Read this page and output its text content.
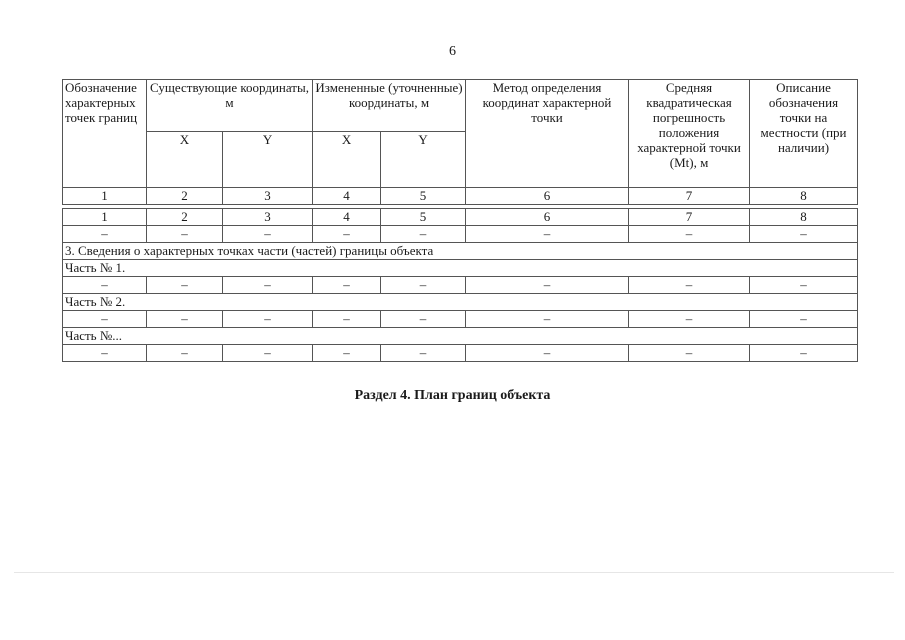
6
Обозначение характерных точек границ	Существующие координаты, м		Измененные (уточненные) координаты, м		Метод определения координат характерной точки	Средняя квадратическая погрешность положения характерной точки (Mt), м	Описание обозначения точки на местности (при наличии)
	X	Y	X	Y			
1	2	3	4	5	6	7	8
1	2	3	4	5	6	7	8
–	–	–	–	–	–	–	–
3. Сведения о характерных точках части (частей) границы объекта							
Часть № 1.							
–	–	–	–	–	–	–	–
Часть № 2.							
–	–	–	–	–	–	–	–
Часть №...							
–	–	–	–	–	–	–	–
Раздел 4. План границ объекта
